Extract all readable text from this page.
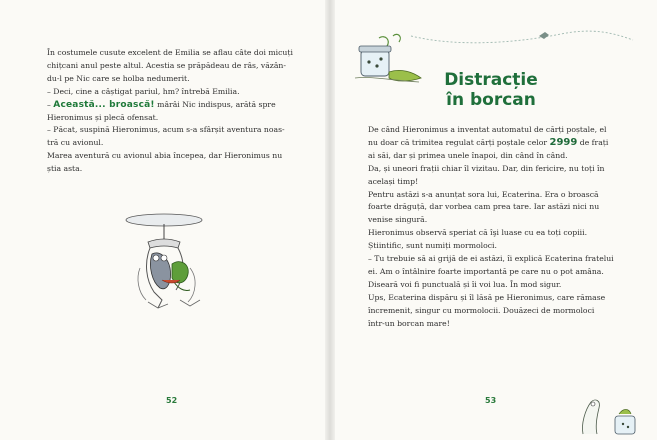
În costumele cusute excelent de Emilia se aflau câte doi micuți

chițcani anul peste altul. Acestia se prăpădeau de râs, văzân-

du-l pe Nic care se holba nedumerit.

– Deci, cine a câștigat pariul, hm? întrebă Emilia.

– Această... broască! mârâi Nic indispus, arătă spre

Hieronimus și plecă ofensat.

– Păcat, suspină Hieronimus, acum s-a sfârșit aventura noas-

tră cu avionul.

Marea aventură cu avionul abia începea, dar Hieronimus nu

știa asta.

52
Distracție
în borcan

De când Hieronimus a inventat automatul de cărți poștale, el

nu doar că trimitea regulat cărți poștale celor 2999 de frați

ai săi, dar și primea unele înapoi, din când în când.

Da, și uneori frații chiar îl vizitau. Dar, din fericire, nu toți în

același timp!

Pentru astăzi s-a anunțat sora lui, Ecaterina. Era o broască

foarte drăguță, dar vorbea cam prea tare. Iar astăzi nici nu

venise singură.

Hieronimus observă speriat că îşi luase cu ea toți copiii.

Știintific, sunt numiți mormoloci.

– Tu trebuie să ai grijă de ei astăzi, îi explică Ecaterina fratelui

ei. Am o întâlnire foarte importantă pe care nu o pot amâna.

Diseară voi fi punctuală și îi voi lua. În mod sigur.

Ups, Ecaterina dispăru și îl lăsă pe Hieronimus, care rămase

încremenit, singur cu mormolocii. Douăzeci de mormoloci

într-un borcan mare!

53
